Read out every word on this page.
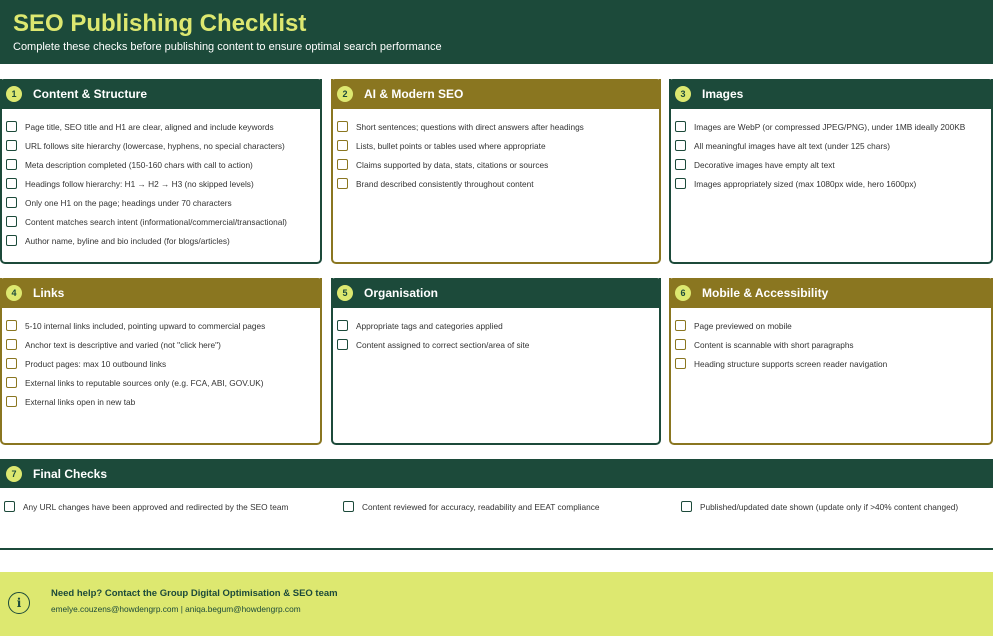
SEO Publishing Checklist
Complete these checks before publishing content to ensure optimal search performance
1	Content & Structure
Page title, SEO title and H1 are clear, aligned and include keywords
URL follows site hierarchy (lowercase, hyphens, no special characters)
Meta description completed (150-160 chars with call to action)
Headings follow hierarchy: H1 → H2 → H3 (no skipped levels)
Only one H1 on the page; headings under 70 characters
Content matches search intent (informational/commercial/transactional)
Author name, byline and bio included (for blogs/articles)
2	AI & Modern SEO
Short sentences; questions with direct answers after headings
Lists, bullet points or tables used where appropriate
Claims supported by data, stats, citations or sources
Brand described consistently throughout content
3	Images
Images are WebP (or compressed JPEG/PNG), under 1MB ideally 200KB
All meaningful images have alt text (under 125 chars)
Decorative images have empty alt text
Images appropriately sized (max 1080px wide, hero 1600px)
4	Links
5-10 internal links included, pointing upward to commercial pages
Anchor text is descriptive and varied (not "click here")
Product pages: max 10 outbound links
External links to reputable sources only (e.g. FCA, ABI, GOV.UK)
External links open in new tab
5	Organisation
Appropriate tags and categories applied
Content assigned to correct section/area of site
6	Mobile & Accessibility
Page previewed on mobile
Content is scannable with short paragraphs
Heading structure supports screen reader navigation
7	Final Checks
Any URL changes have been approved and redirected by the SEO team	Content reviewed for accuracy, readability and EEAT compliance	Published/updated date shown (update only if >40% content changed)
i
Need help? Contact the Group Digital Optimisation & SEO team
emelye.couzens@howdengrp.com | aniqa.begum@howdengrp.com
